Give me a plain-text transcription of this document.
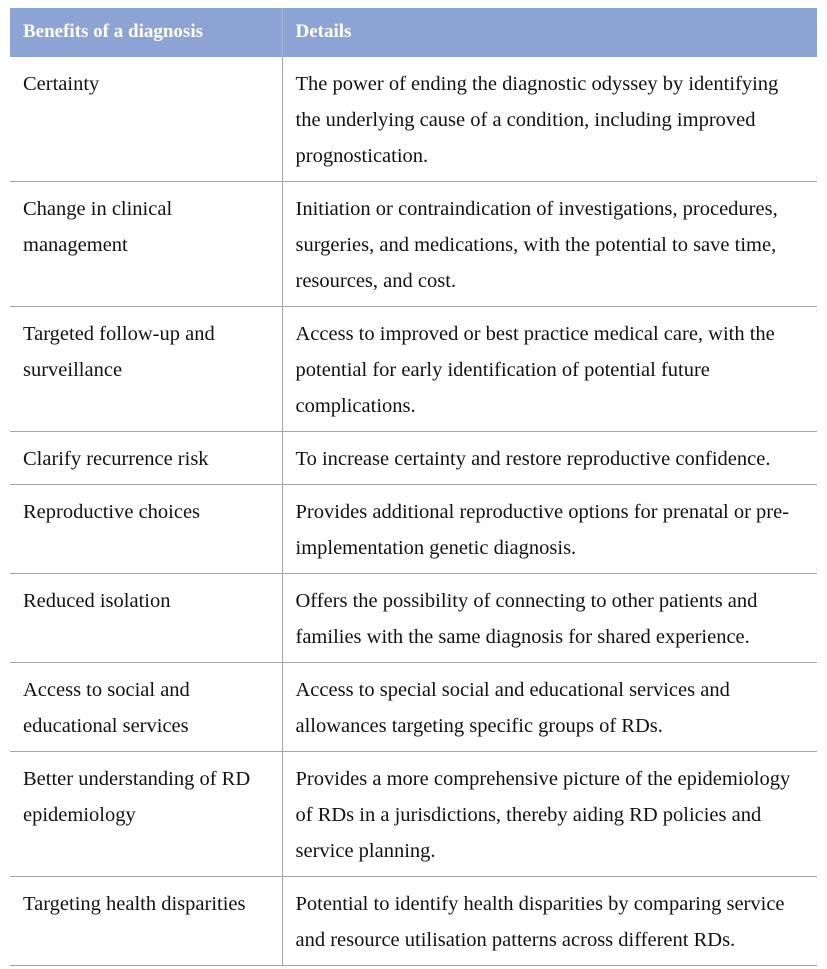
Benefits of a diagnosis	Details
Certainty	The power of ending the diagnostic odyssey by identifying the underlying cause of a condition, including improved prognostication.
Change in clinical management	Initiation or contraindication of investigations, procedures, surgeries, and medications, with the potential to save time, resources, and cost.
Targeted follow-up and surveillance	Access to improved or best practice medical care, with the potential for early identification of potential future complications.
Clarify recurrence risk	To increase certainty and restore reproductive confidence.
Reproductive choices	Provides additional reproductive options for prenatal or pre-implementation genetic diagnosis.
Reduced isolation	Offers the possibility of connecting to other patients and families with the same diagnosis for shared experience.
Access to social and educational services	Access to special social and educational services and allowances targeting specific groups of RDs.
Better understanding of RD epidemiology	Provides a more comprehensive picture of the epidemiology of RDs in a jurisdictions, thereby aiding RD policies and service planning.
Targeting health disparities	Potential to identify health disparities by comparing service and resource utilisation patterns across different RDs.
